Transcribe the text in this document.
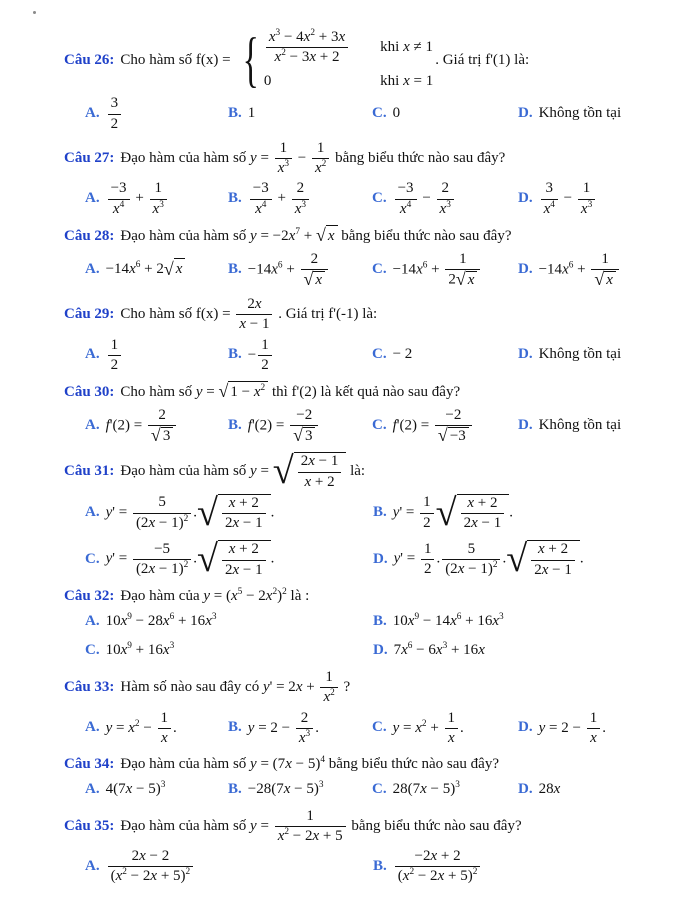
Câu 26: Cho hàm số f(x) = { $\frac{x^3 - 4x^2 + 3x}{x^2 - 3x + 2}$ khi x ≠ 1
0	khi x = 1
. Giá trị f'(1) là:

A. $\frac{3}{2}$	B. 1	C. 0	D. Không tồn tại

Câu 27: Đạo hàm của hàm số $y = \frac{1}{x^3} - \frac{1}{x^2}$ bằng biểu thức nào sau đây?

A. $\frac{-3}{x^4} + \frac{1}{x^3}$	B. $\frac{-3}{x^4} + \frac{2}{x^3}$	C. $\frac{-3}{x^4} - \frac{2}{x^3}$	D. $\frac{3}{x^4} - \frac{1}{x^3}$

Câu 28: Đạo hàm của hàm số $y = -2x^7$ + √ x bằng biểu thức nào sau đây?

A. $-14x^6 + 2$ √ x	B. $-14x^6 + \frac{2}{√ x}$	C. $-14x^6 + \frac{1}{2 √ x}$	D. $-14x^6 + \frac{1}{√ x}$

Câu 29: Cho hàm số $f(x) = \frac{2x}{x - 1}$ . Giá trị f'(-1) là:

A. $\frac{1}{2}$	B. − $\frac{1}{2}$	C. − 2	D. Không tồn tại

Câu 30: Cho hàm số y = √ $1 - x^2$ thì f'(2) là kết quả nào sau đây?

A. $f'(2) = \frac{2}{√ 3}$	B. $f'(2) = \frac{-2}{√ 3}$	C. $f'(2) = \frac{-2}{√ -3}$	D. Không tồn tại

Câu 31: Đạo hàm của hàm số y = √ $\frac{2x - 1}{x + 2}$ là:

A. $y' = \frac{5}{(2x - 1)^2}$ . √ $\frac{x + 2}{2x - 1}$ .	B. $y' = \frac{1}{2}$ √ $\frac{x + 2}{2x - 1}$ .
C. $y' = \frac{-5}{(2x - 1)^2}$ . √ $\frac{x + 2}{2x - 1}$ .	D. $y' = \frac{1}{2}$ . $\frac{5}{(2x - 1)^2}$ . √ $\frac{x + 2}{2x - 1}$ .

Câu 32: Đạo hàm của $y = (x^5 - 2x^2)^2$ là :

A. $10x^9 - 28x^6 + 16x^3$	B. $10x^9 - 14x^6 + 16x^3$
C. $10x^9 + 16x^3$	D. $7x^6 - 6x^3 + 16x$

Câu 33: Hàm số nào sau đây có $y' = 2x + \frac{1}{x^2}$ ?

A. $y = x^2 - \frac{1}{x}$ .	B. $y = 2 - \frac{2}{x^3}$ .	C. $y = x^2 + \frac{1}{x}$ .	D. $y = 2 - \frac{1}{x}$ .

Câu 34: Đạo hàm của hàm số $y = (7x - 5)^4$ bằng biểu thức nào sau đây?

A. $4(7x - 5)^3$	B. $-28(7x - 5)^3$	C. $28(7x - 5)^3$	D. 28x

Câu 35: Đạo hàm của hàm số $y = \frac{1}{x^2 - 2x + 5}$ bằng biểu thức nào sau đây?

A. $\frac{2x - 2}{(x^2 - 2x + 5)^2}$	B. $\frac{-2x + 2}{(x^2 - 2x + 5)^2}$
